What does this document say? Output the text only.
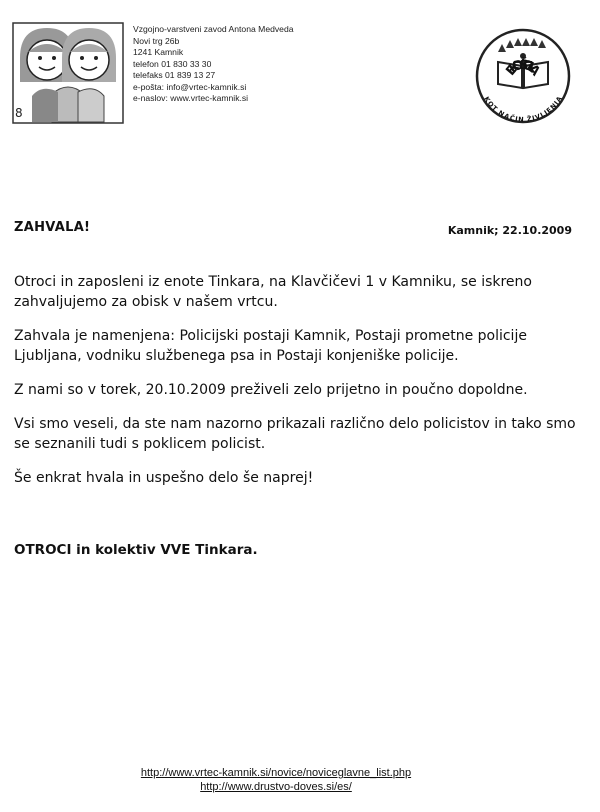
8
Vzgojno-varstveni zavod Antona Medveda
Novi trg 26b
1241 Kamnik
telefon 01 830 33 30
telefaks 01 839 13 27
e-pošta: info@vrtec-kamnik.si
e-naslov: www.vrtec-kamnik.si
EKO ŠOLA
KOT NAČIN ŽIVLJENJA
ZAHVALA!	Kamnik; 22.10.2009

Otroci in zaposleni iz enote Tinkara, na Klavčičevi 1 v Kamniku, se iskreno zahvaljujemo za obisk v našem vrtcu.

Zahvala je namenjena: Policijski postaji Kamnik, Postaji prometne policije Ljubljana, vodniku službenega psa in Postaji konjeniške policije.

Z nami so v torek, 20.10.2009 preživeli zelo prijetno in poučno dopoldne.

Vsi smo veseli, da ste nam nazorno prikazali različno delo policistov in tako smo se seznanili tudi s poklicem policist.

Še enkrat hvala in uspešno delo še naprej!

OTROCI in kolektiv VVE Tinkara.
http://www.vrtec-kamnik.si/novice/noviceglavne_list.php
http://www.drustvo-doves.si/es/
